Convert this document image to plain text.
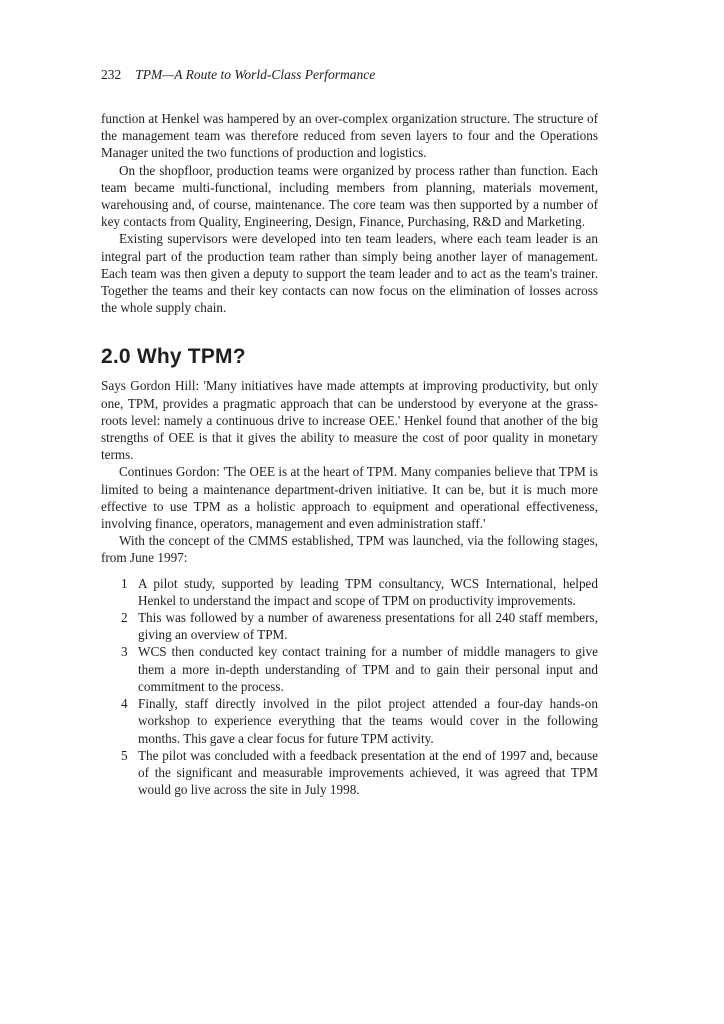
232 TPM—A Route to World-Class Performance

function at Henkel was hampered by an over-complex organization structure. The structure of the management team was therefore reduced from seven layers to four and the Operations Manager united the two functions of production and logistics.

On the shopfloor, production teams were organized by process rather than function. Each team became multi-functional, including members from planning, materials movement, warehousing and, of course, maintenance. The core team was then supported by a number of key contacts from Quality, Engineering, Design, Finance, Purchasing, R&D and Marketing.

Existing supervisors were developed into ten team leaders, where each team leader is an integral part of the production team rather than simply being another layer of management. Each team was then given a deputy to support the team leader and to act as the team's trainer. Together the teams and their key contacts can now focus on the elimination of losses across the whole supply chain.

2.0 Why TPM?

Says Gordon Hill: 'Many initiatives have made attempts at improving productivity, but only one, TPM, provides a pragmatic approach that can be understood by everyone at the grass-roots level: namely a continuous drive to increase OEE.' Henkel found that another of the big strengths of OEE is that it gives the ability to measure the cost of poor quality in monetary terms.

Continues Gordon: 'The OEE is at the heart of TPM. Many companies believe that TPM is limited to being a maintenance department-driven initiative. It can be, but it is much more effective to use TPM as a holistic approach to equipment and operational effectiveness, involving finance, operators, management and even administration staff.'

With the concept of the CMMS established, TPM was launched, via the following stages, from June 1997:

1 A pilot study, supported by leading TPM consultancy, WCS International, helped Henkel to understand the impact and scope of TPM on productivity improvements.
2 This was followed by a number of awareness presentations for all 240 staff members, giving an overview of TPM.
3 WCS then conducted key contact training for a number of middle managers to give them a more in-depth understanding of TPM and to gain their personal input and commitment to the process.
4 Finally, staff directly involved in the pilot project attended a four-day hands-on workshop to experience everything that the teams would cover in the following months. This gave a clear focus for future TPM activity.
5 The pilot was concluded with a feedback presentation at the end of 1997 and, because of the significant and measurable improvements achieved, it was agreed that TPM would go live across the site in July 1998.
